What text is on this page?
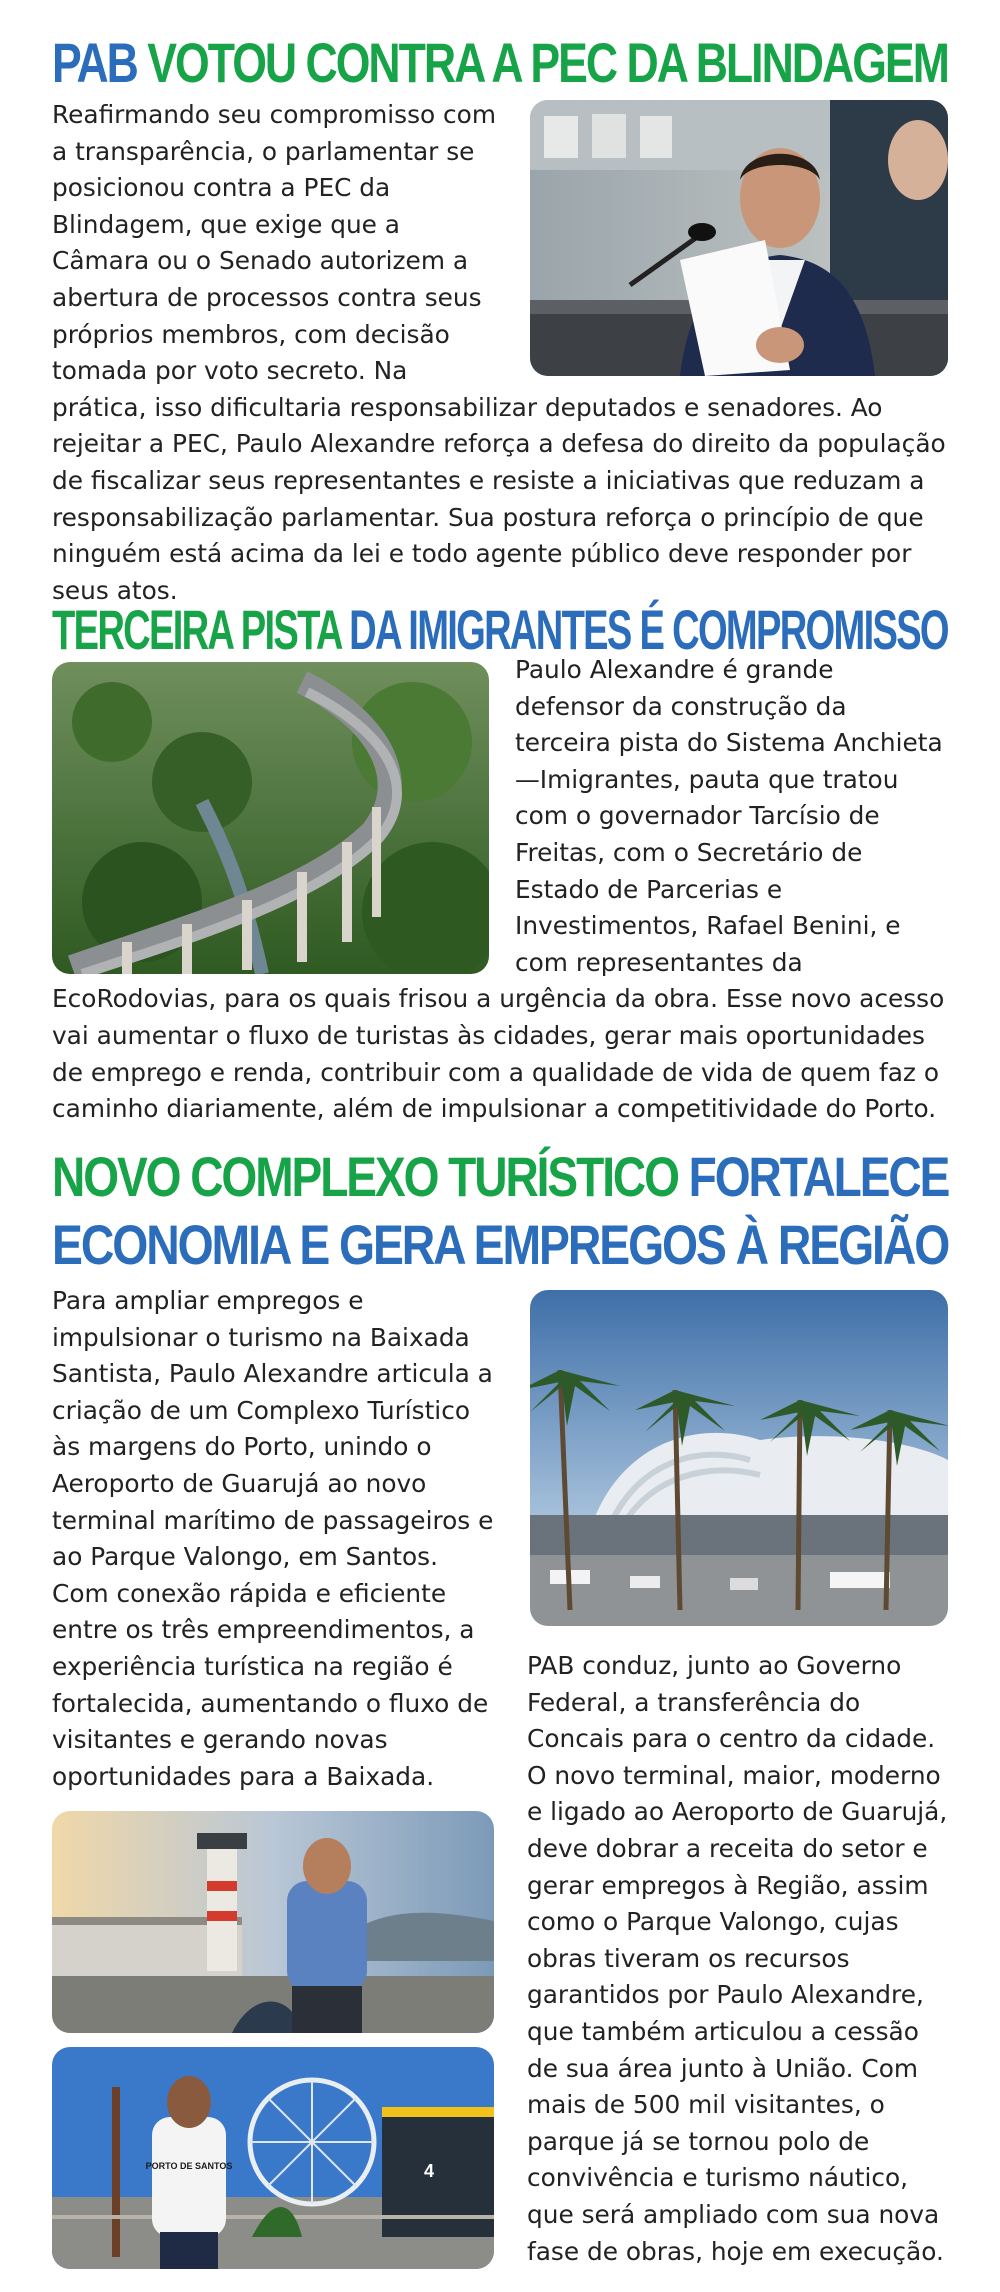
PAB VOTOU CONTRA A PEC DA BLINDAGEM
Reafirmando seu compromisso com a transparência, o parlamentar se posicionou contra a PEC da Blindagem, que exige que a Câmara ou o Senado autorizem a abertura de processos contra seus próprios membros, com decisão tomada por voto secreto. Na prática, isso dificultaria responsabilizar deputados e senadores. Ao rejeitar a PEC, Paulo Alexandre reforça a defesa do direito da população de fiscalizar seus representantes e resiste a iniciativas que reduzam a responsabilização parlamentar. Sua postura reforça o princípio de que ninguém está acima da lei e todo agente público deve responder por seus atos.
TERCEIRA PISTA DA IMIGRANTES É COMPROMISSO
Paulo Alexandre é grande defensor da construção da terceira pista do Sistema Anchieta—Imigrantes, pauta que tratou com o governador Tarcísio de Freitas, com o Secretário de Estado de Parcerias e Investimentos, Rafael Benini, e com representantes da EcoRodovias, para os quais frisou a urgência da obra. Esse novo acesso vai aumentar o fluxo de turistas às cidades, gerar mais oportunidades de emprego e renda, contribuir com a qualidade de vida de quem faz o caminho diariamente, além de impulsionar a competitividade do Porto.
NOVO COMPLEXO TURÍSTICO FORTALECE
ECONOMIA E GERA EMPREGOS À REGIÃO
Para ampliar empregos e impulsionar o turismo na Baixada Santista, Paulo Alexandre articula a criação de um Complexo Turístico às margens do Porto, unindo o Aeroporto de Guarujá ao novo terminal marítimo de passageiros e ao Parque Valongo, em Santos. Com conexão rápida e eficiente entre os três empreendimentos, a experiência turística na região é fortalecida, aumentando o fluxo de visitantes e gerando novas oportunidades para a Baixada.
PAB conduz, junto ao Governo Federal, a transferência do Concais para o centro da cidade. O novo terminal, maior, moderno e ligado ao Aeroporto de Guarujá, deve dobrar a receita do setor e gerar empregos à Região, assim como o Parque Valongo, cujas obras tiveram os recursos garantidos por Paulo Alexandre, que também articulou a cessão de sua área junto à União. Com mais de 500 mil visitantes, o parque já se tornou polo de convivência e turismo náutico, que será ampliado com sua nova fase de obras, hoje em execução.
4
PORTO DE SANTOS
